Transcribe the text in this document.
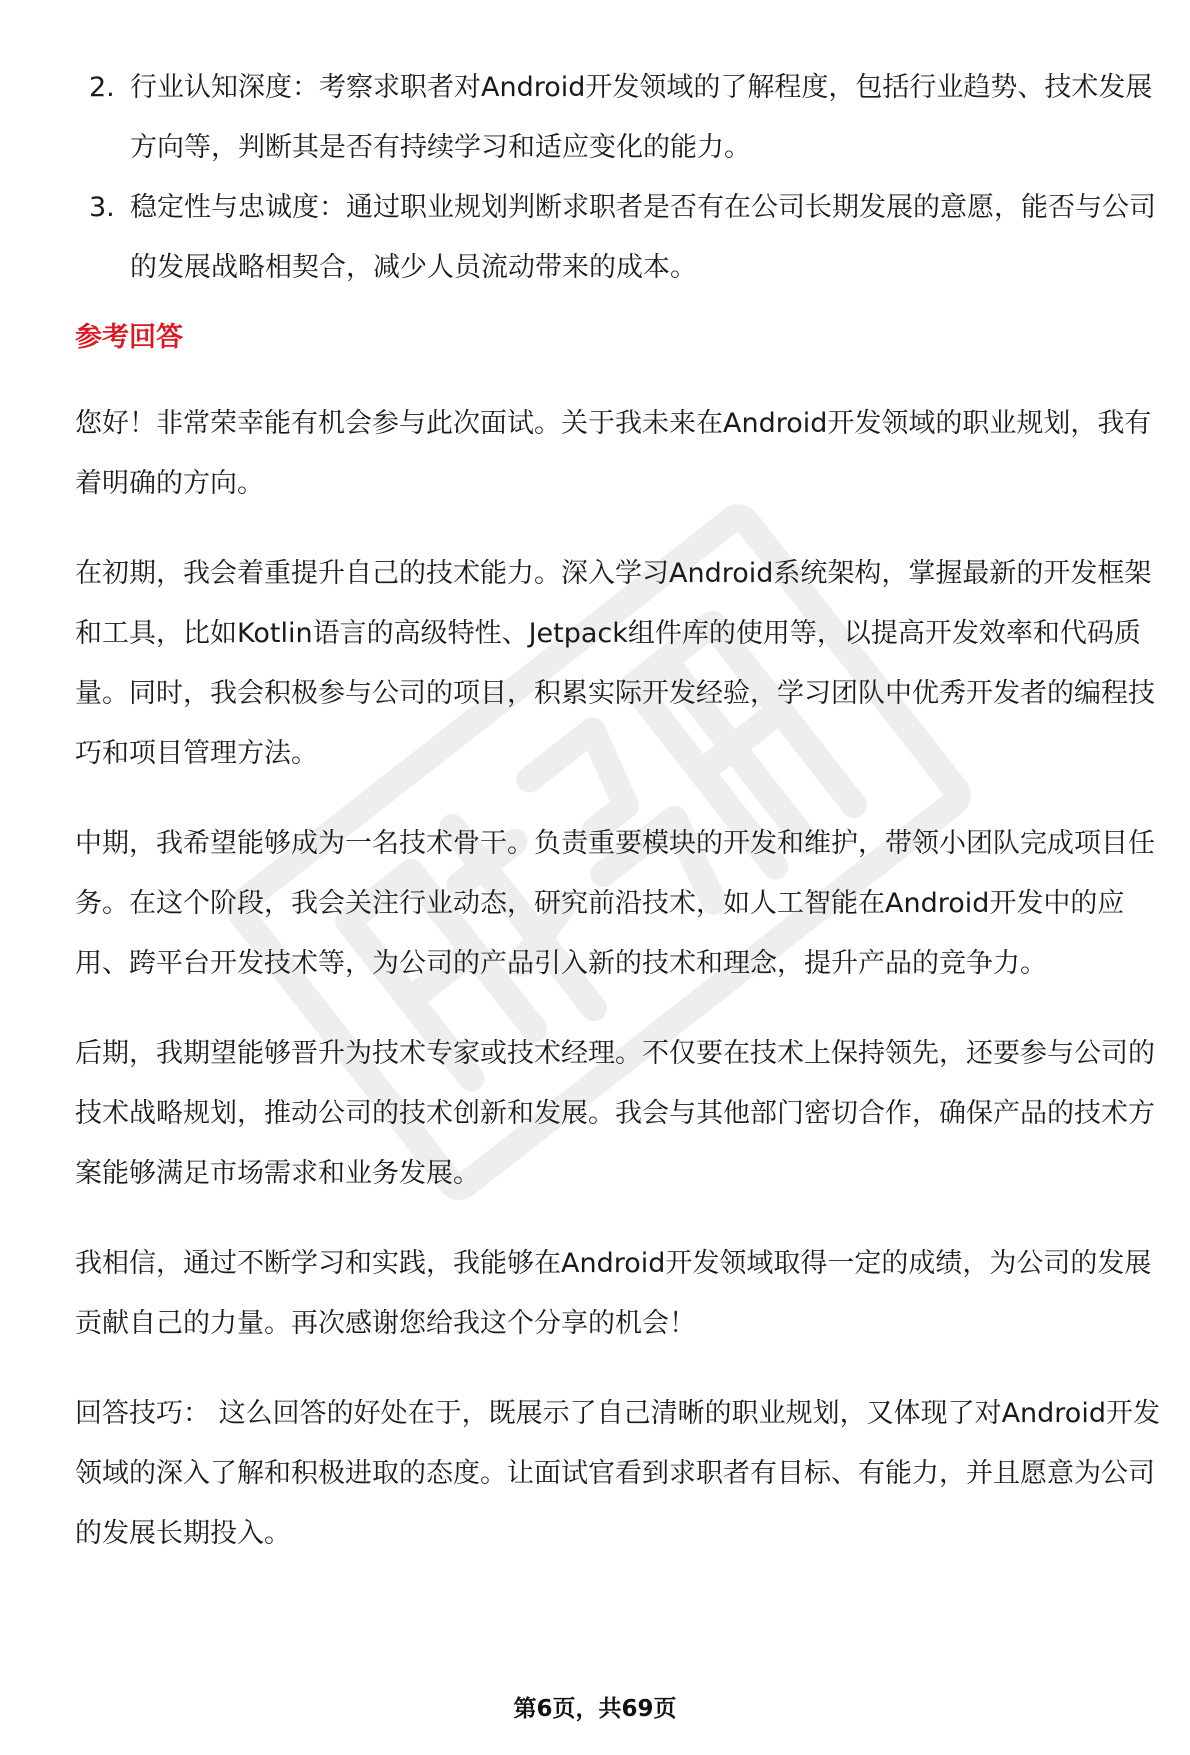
2. 行业认知深度：考察求职者对Android开发领域的了解程度，包括行业趋势、技术发展方向等，判断其是否有持续学习和适应变化的能力。
3. 稳定性与忠诚度：通过职业规划判断求职者是否有在公司长期发展的意愿，能否与公司的发展战略相契合，减少人员流动带来的成本。
参考回答

您好！非常荣幸能有机会参与此次面试。关于我未来在Android开发领域的职业规划，我有着明确的方向。

在初期，我会着重提升自己的技术能力。深入学习Android系统架构，掌握最新的开发框架和工具，比如Kotlin语言的高级特性、Jetpack组件库的使用等，以提高开发效率和代码质量。同时，我会积极参与公司的项目，积累实际开发经验，学习团队中优秀开发者的编程技巧和项目管理方法。

中期，我希望能够成为一名技术骨干。负责重要模块的开发和维护，带领小团队完成项目任务。在这个阶段，我会关注行业动态，研究前沿技术，如人工智能在Android开发中的应用、跨平台开发技术等，为公司的产品引入新的技术和理念，提升产品的竞争力。

后期，我期望能够晋升为技术专家或技术经理。不仅要在技术上保持领先，还要参与公司的技术战略规划，推动公司的技术创新和发展。我会与其他部门密切合作，确保产品的技术方案能够满足市场需求和业务发展。

我相信，通过不断学习和实践，我能够在Android开发领域取得一定的成绩，为公司的发展贡献自己的力量。再次感谢您给我这个分享的机会！

回答技巧： 这么回答的好处在于，既展示了自己清晰的职业规划，又体现了对Android开发领域的深入了解和积极进取的态度。让面试官看到求职者有目标、有能力，并且愿意为公司的发展长期投入。

第6页，共69页
